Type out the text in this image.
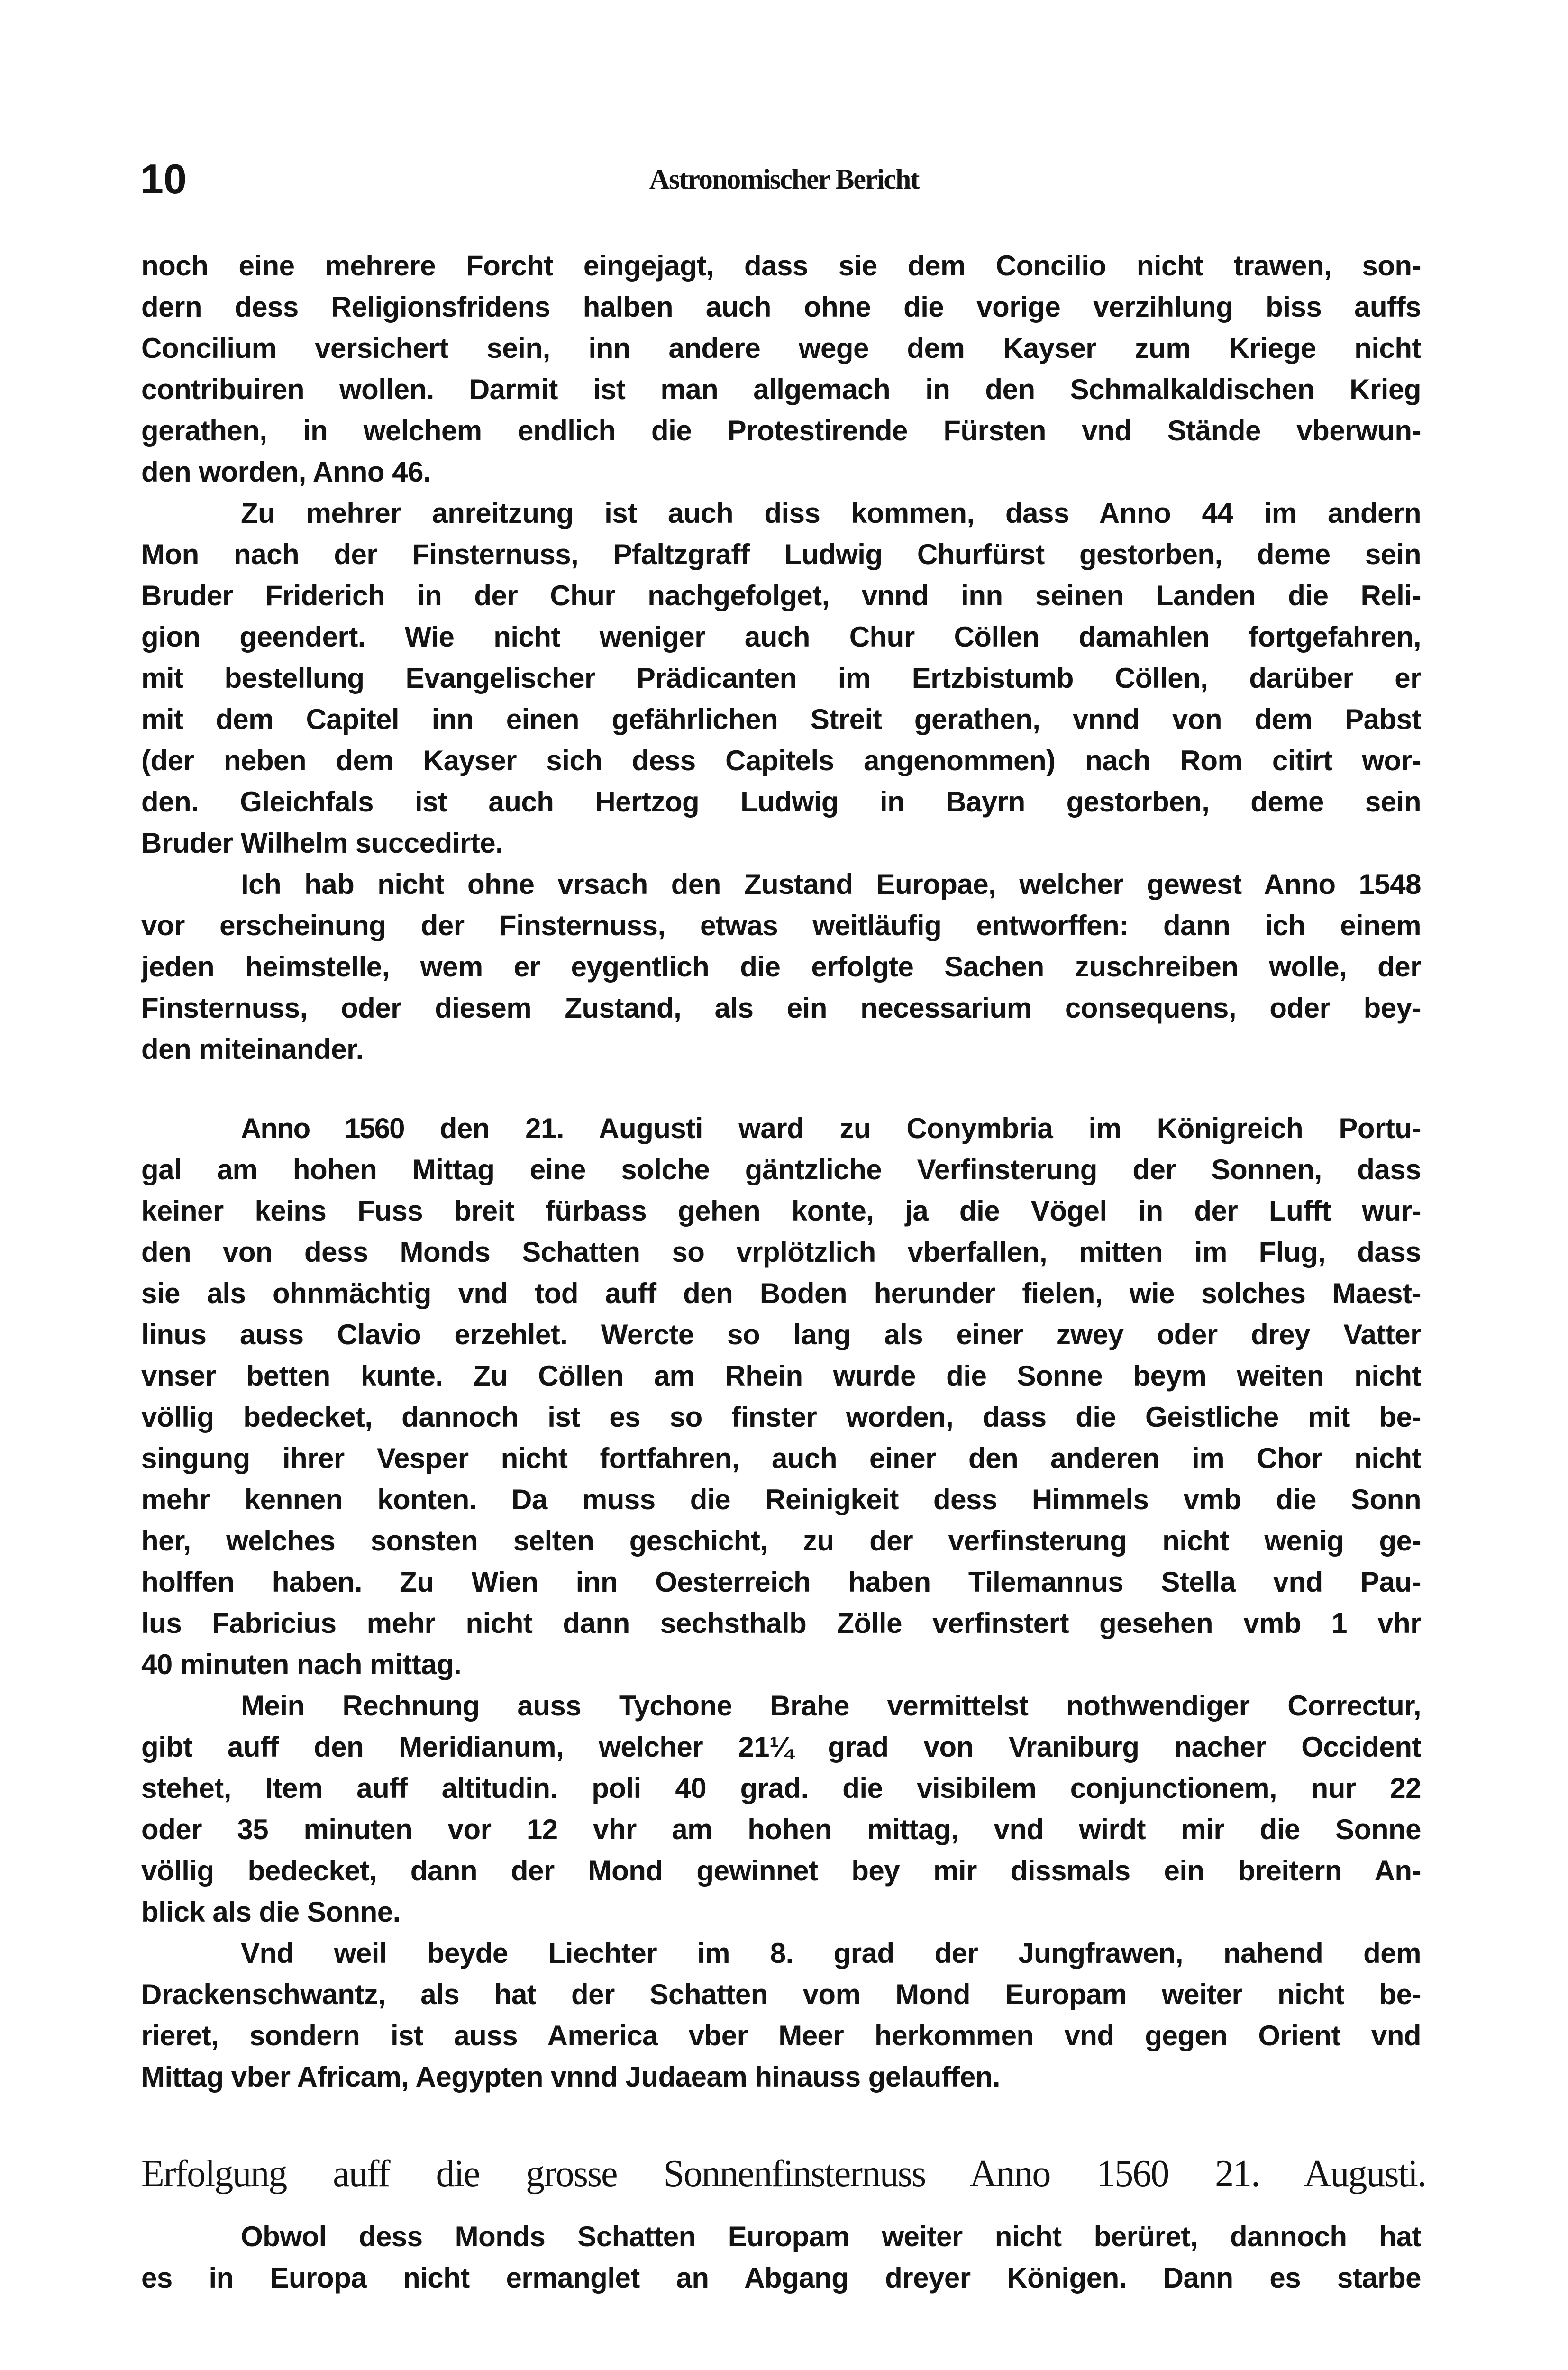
10	Astronomischer Bericht
noch eine mehrere Forcht eingejagt, dass sie dem Concilio nicht trawen, son-
dern dess Religionsfridens halben auch ohne die vorige verzihlung biss auffs
Concilium versichert sein, inn andere wege dem Kayser zum Kriege nicht
contribuiren wollen. Darmit ist man allgemach in den Schmalkaldischen Krieg
gerathen, in welchem endlich die Protestirende Fürsten vnd Stände vberwun-
den worden, Anno 46.
Zu mehrer anreitzung ist auch diss kommen, dass Anno 44 im andern
Mon nach der Finsternuss, Pfaltzgraff Ludwig Churfürst gestorben, deme sein
Bruder Friderich in der Chur nachgefolget, vnnd inn seinen Landen die Reli-
gion geendert. Wie nicht weniger auch Chur Cöllen damahlen fortgefahren,
mit bestellung Evangelischer Prädicanten im Ertzbistumb Cöllen, darüber er
mit dem Capitel inn einen gefährlichen Streit gerathen, vnnd von dem Pabst
(der neben dem Kayser sich dess Capitels angenommen) nach Rom citirt wor-
den. Gleichfals ist auch Hertzog Ludwig in Bayrn gestorben, deme sein
Bruder Wilhelm succedirte.
Ich hab nicht ohne vrsach den Zustand Europae, welcher gewest Anno 1548
vor erscheinung der Finsternuss, etwas weitläufig entworffen: dann ich einem
jeden heimstelle, wem er eygentlich die erfolgte Sachen zuschreiben wolle, der
Finsternuss, oder diesem Zustand, als ein necessarium consequens, oder bey-
den miteinander.
Anno 1560 den 21. Augusti ward zu Conymbria im Königreich Portu-
gal am hohen Mittag eine solche gäntzliche Verfinsterung der Sonnen, dass
keiner keins Fuss breit fürbass gehen konte, ja die Vögel in der Lufft wur-
den von dess Monds Schatten so vrplötzlich vberfallen, mitten im Flug, dass
sie als ohnmächtig vnd tod auff den Boden herunder fielen, wie solches Maest-
linus auss Clavio erzehlet. Wercte so lang als einer zwey oder drey Vatter
vnser betten kunte. Zu Cöllen am Rhein wurde die Sonne beym weiten nicht
völlig bedecket, dannoch ist es so finster worden, dass die Geistliche mit be-
singung ihrer Vesper nicht fortfahren, auch einer den anderen im Chor nicht
mehr kennen konten. Da muss die Reinigkeit dess Himmels vmb die Sonn
her, welches sonsten selten geschicht, zu der verfinsterung nicht wenig ge-
holffen haben. Zu Wien inn Oesterreich haben Tilemannus Stella vnd Pau-
lus Fabricius mehr nicht dann sechsthalb Zölle verfinstert gesehen vmb 1 vhr
40 minuten nach mittag.
Mein Rechnung auss Tychone Brahe vermittelst nothwendiger Correctur,
gibt auff den Meridianum, welcher 21¼ grad von Vraniburg nacher Occident
stehet, Item auff altitudin. poli 40 grad. die visibilem conjunctionem, nur 22
oder 35 minuten vor 12 vhr am hohen mittag, vnd wirdt mir die Sonne
völlig bedecket, dann der Mond gewinnet bey mir dissmals ein breitern An-
blick als die Sonne.
Vnd weil beyde Liechter im 8. grad der Jungfrawen, nahend dem
Drackenschwantz, als hat der Schatten vom Mond Europam weiter nicht be-
rieret, sondern ist auss America vber Meer herkommen vnd gegen Orient vnd
Mittag vber Africam, Aegypten vnnd Judaeam hinauss gelauffen.
Erfolgung auff die grosse Sonnenfinsternuss Anno 1560 21. Augusti.
Obwol dess Monds Schatten Europam weiter nicht berüret, dannoch hat
es in Europa nicht ermanglet an Abgang dreyer Königen. Dann es starbe
